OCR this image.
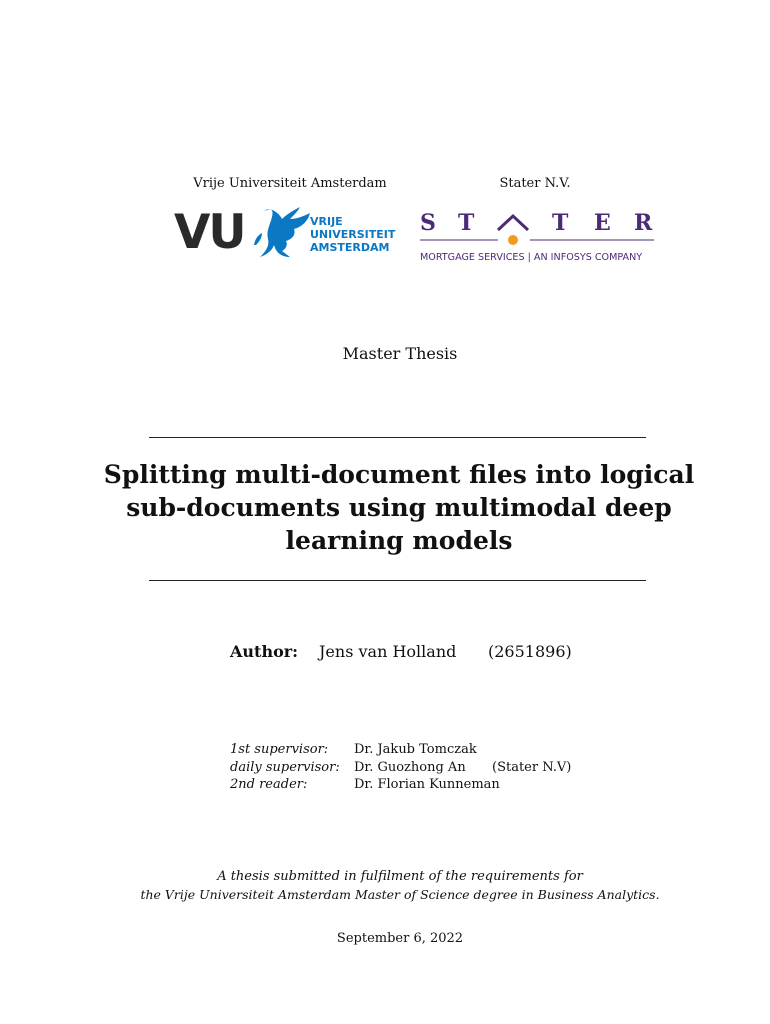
Vrije Universiteit Amsterdam	Stater N.V.
VU	VRIJE
UNIVERSITEIT
AMSTERDAM
S T	T E R
MORTGAGE SERVICES | AN INFOSYS COMPANY
Master Thesis
Splitting multi-document files into logical
sub-documents using multimodal deep
learning models
Author: Jens van Holland (2651896)
1st supervisor: Dr. Jakub Tomczak
daily supervisor: Dr. Guozhong An (Stater N.V)
2nd reader:	Dr. Florian Kunneman
A thesis submitted in fulfilment of the requirements for
the Vrije Universiteit Amsterdam Master of Science degree in Business Analytics.
September 6, 2022
